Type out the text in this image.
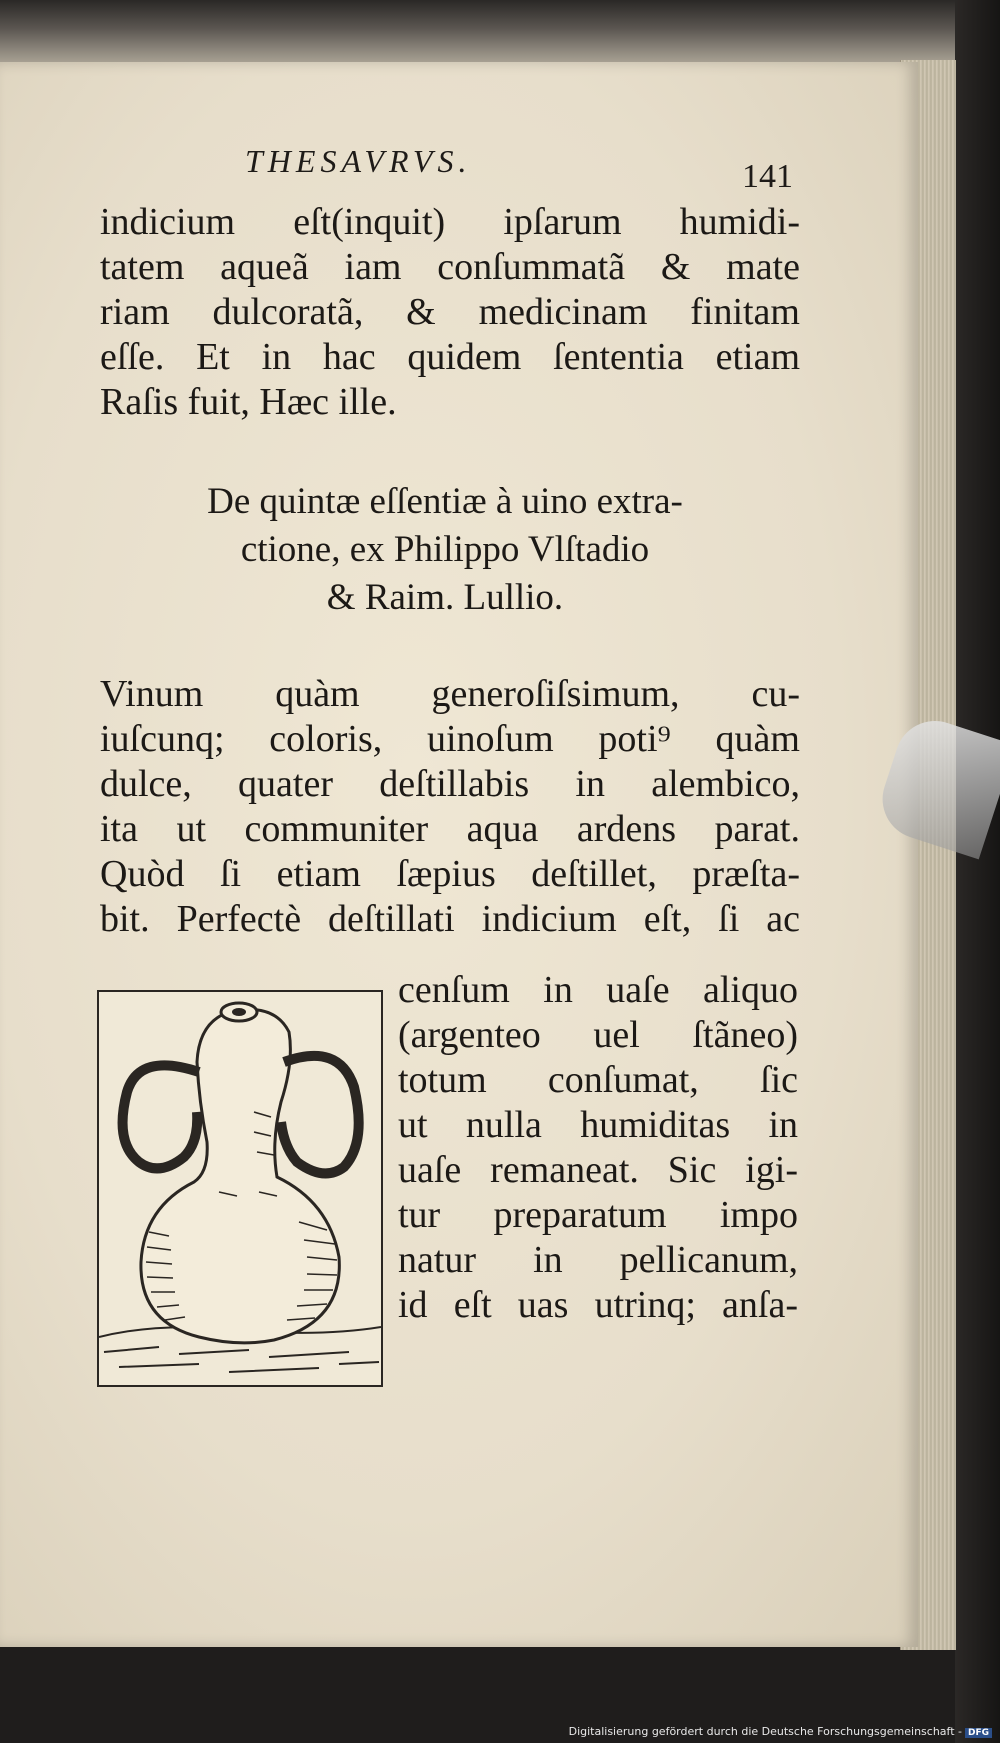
THESAVRVS.	141
indicium eſt(inquit) ipſarum humidi-
tatem aqueã iam conſummatã & mate
riam dulcoratã, & medicinam finitam
eſſe. Et in hac quidem ſententia etiam
Raſis fuit, Hæc ille.
De quintæ eſſentiæ à uino extra-
ctione, ex Philippo Vlſtadio
& Raim. Lullio.
Vinum quàm generoſiſsimum, cu-
iuſcunq; coloris, uinoſum poti⁹ quàm
dulce, quater deſtillabis in alembico,
ita ut communiter aqua ardens parat.
Quòd ſi etiam ſæpius deſtillet, præſta-
bit. Perfectè deſtillati indicium eſt, ſi ac
cenſum in uaſe aliquo
(argenteo uel ſtãneo)
totum conſumat, ſic
ut nulla humiditas in
uaſe remaneat. Sic igi-
tur preparatum impo
natur in pellicanum,
id eſt uas utrinq; anſa-
Digitalisierung gefördert durch die Deutsche Forschungsgemeinschaft - DFG
